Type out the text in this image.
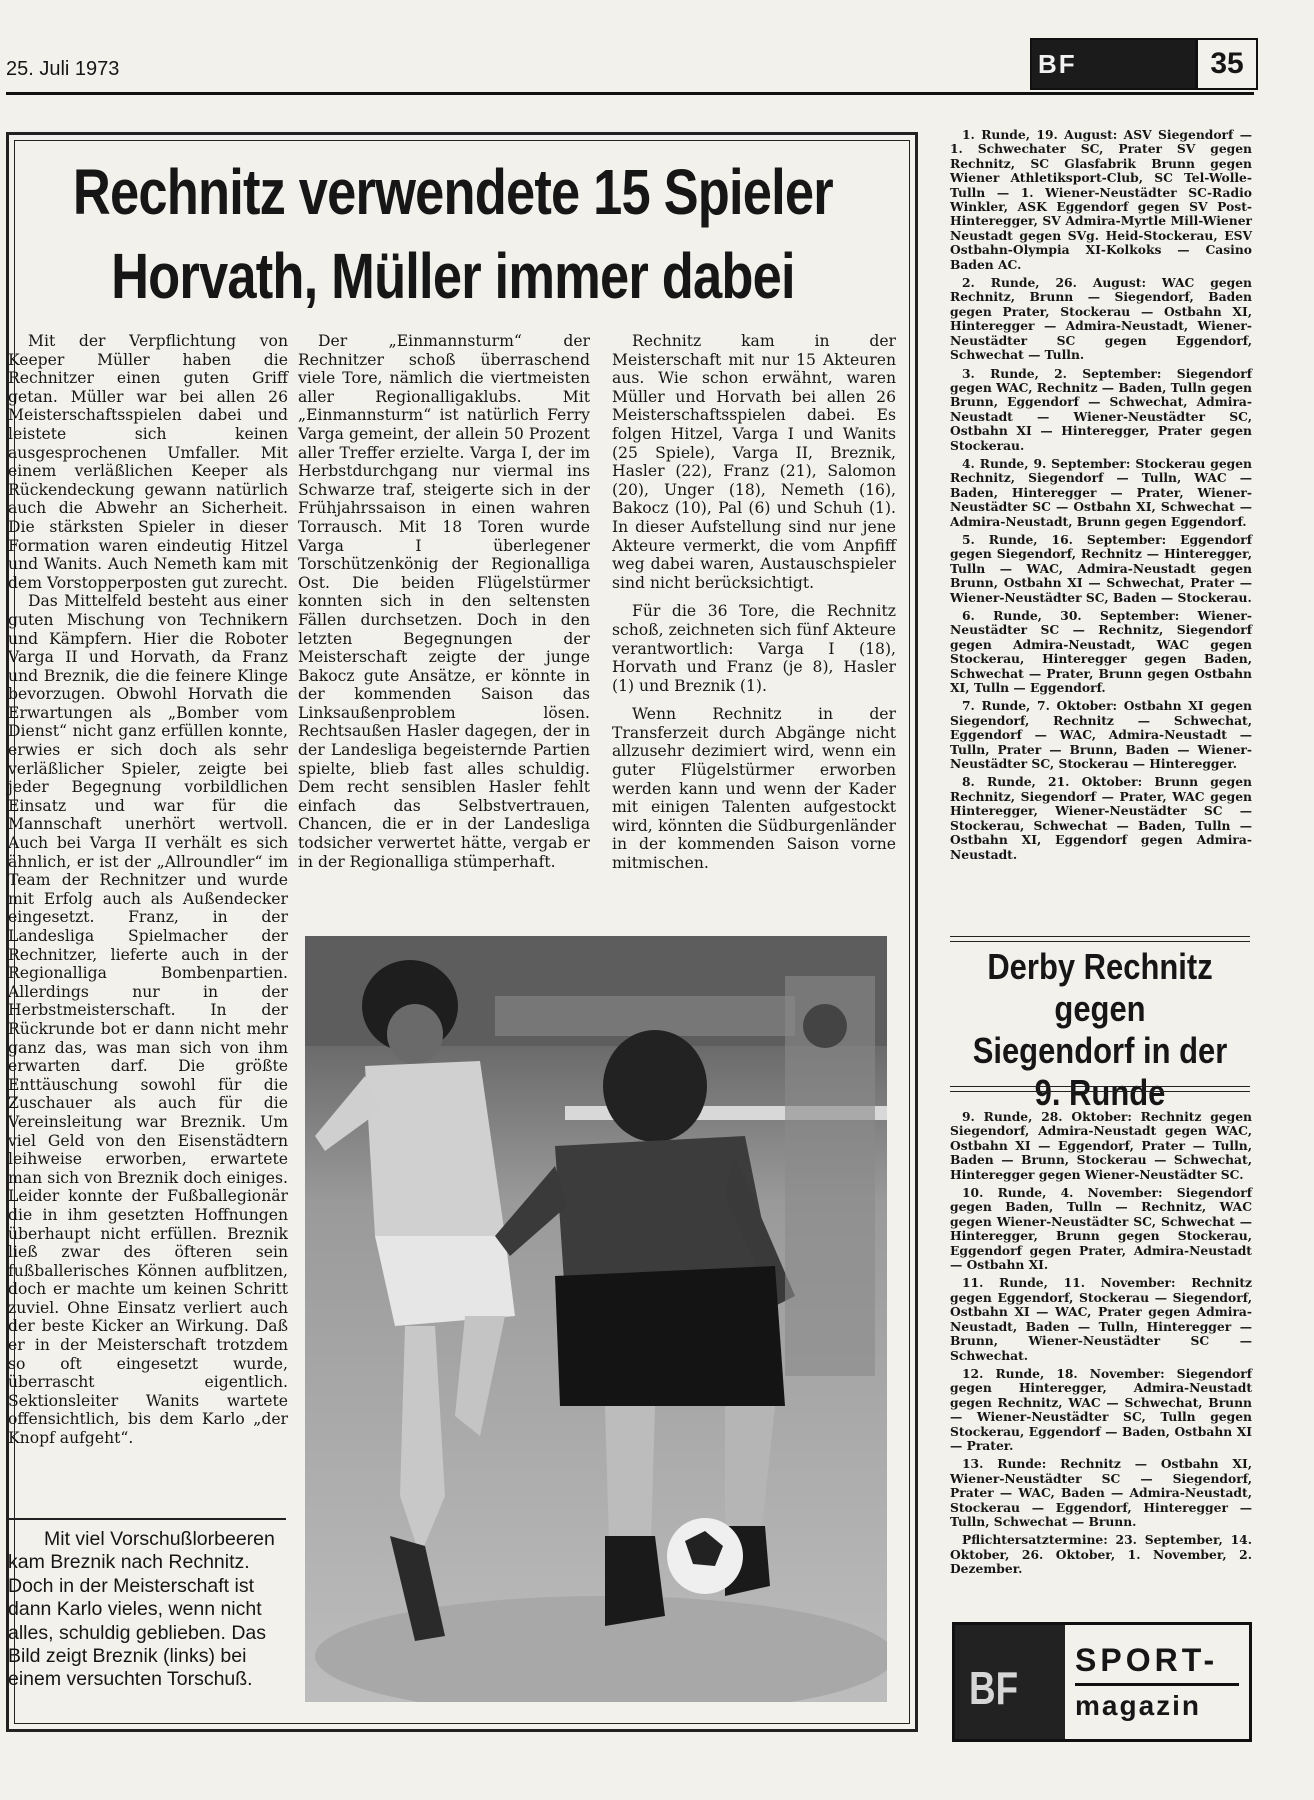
25. Juli 1973	BF	35
Rechnitz verwendete 15 Spieler
Horvath, Müller immer dabei

Mit der Verpflichtung von Keeper Müller haben die Rechnitzer einen guten Griff getan. Müller war bei allen 26 Meisterschaftsspielen dabei und leistete sich keinen ausgesprochenen Umfaller. Mit einem verläßlichen Keeper als Rückendeckung gewann natürlich auch die Abwehr an Sicherheit. Die stärksten Spieler in dieser Formation waren eindeutig Hitzel und Wanits. Auch Nemeth kam mit dem Vorstopperposten gut zurecht.

Das Mittelfeld besteht aus einer guten Mischung von Technikern und Kämpfern. Hier die Roboter Varga II und Horvath, da Franz und Breznik, die die feinere Klinge bevorzugen. Obwohl Horvath die Erwartungen als „Bomber vom Dienst“ nicht ganz erfüllen konnte, erwies er sich doch als sehr verläßlicher Spieler, zeigte bei jeder Begegnung vorbildlichen Einsatz und war für die Mannschaft unerhört wertvoll. Auch bei Varga II verhält es sich ähnlich, er ist der „Allroundler“ im Team der Rechnitzer und wurde mit Erfolg auch als Außendecker eingesetzt. Franz, in der Landesliga Spielmacher der Rechnitzer, lieferte auch in der Regionalliga Bombenpartien. Allerdings nur in der Herbstmeisterschaft. In der Rückrunde bot er dann nicht mehr ganz das, was man sich von ihm erwarten darf. Die größte Enttäuschung sowohl für die Zuschauer als auch für die Vereinsleitung war Breznik. Um viel Geld von den Eisenstädtern leihweise erworben, erwartete man sich von Breznik doch einiges. Leider konnte der Fußballegionär die in ihm gesetzten Hoffnungen überhaupt nicht erfüllen. Breznik ließ zwar des öfteren sein fußballerisches Können aufblitzen, doch er machte um keinen Schritt zuviel. Ohne Einsatz verliert auch der beste Kicker an Wirkung. Daß er in der Meisterschaft trotzdem so oft eingesetzt wurde, überrascht eigentlich. Sektionsleiter Wanits wartete offensichtlich, bis dem Karlo „der Knopf aufgeht“.

Der „Einmannsturm“ der Rechnitzer schoß überraschend viele Tore, nämlich die viertmeisten aller Regionalligaklubs. Mit „Einmannsturm“ ist natürlich Ferry Varga gemeint, der allein 50 Prozent aller Treffer erzielte. Varga I, der im Herbstdurchgang nur viermal ins Schwarze traf, steigerte sich in der Frühjahrssaison in einen wahren Torrausch. Mit 18 Toren wurde Varga I überlegener Torschützenkönig der Regionalliga Ost. Die beiden Flügelstürmer konnten sich in den seltensten Fällen durchsetzen. Doch in den letzten Begegnungen der Meisterschaft zeigte der junge Bakocz gute Ansätze, er könnte in der kommenden Saison das Linksaußenproblem lösen. Rechtsaußen Hasler dagegen, der in der Landesliga begeisternde Partien spielte, blieb fast alles schuldig. Dem recht sensiblen Hasler fehlt einfach das Selbstvertrauen, Chancen, die er in der Landesliga todsicher verwertet hätte, vergab er in der Regionalliga stümperhaft.

Rechnitz kam in der Meisterschaft mit nur 15 Akteuren aus. Wie schon erwähnt, waren Müller und Horvath bei allen 26 Meisterschaftsspielen dabei. Es folgen Hitzel, Varga I und Wanits (25 Spiele), Varga II, Breznik, Hasler (22), Franz (21), Salomon (20), Unger (18), Nemeth (16), Bakocz (10), Pal (6) und Schuh (1). In dieser Aufstellung sind nur jene Akteure vermerkt, die vom Anpfiff weg dabei waren, Austauschspieler sind nicht berücksichtigt.

Für die 36 Tore, die Rechnitz schoß, zeichneten sich fünf Akteure verantwortlich: Varga I (18), Horvath und Franz (je 8), Hasler (1) und Breznik (1).

Wenn Rechnitz in der Transferzeit durch Abgänge nicht allzusehr dezimiert wird, wenn ein guter Flügelstürmer erworben werden kann und wenn der Kader mit einigen Talenten aufgestockt wird, könnten die Südburgenländer in der kommenden Saison vorne mitmischen.

Mit viel Vorschußlorbeeren kam Breznik nach Rechnitz. Doch in der Meisterschaft ist dann Karlo vieles, wenn nicht alles, schuldig geblieben. Das Bild zeigt Breznik (links) bei einem versuchten Torschuß.

1. Runde, 19. August: ASV Siegendorf — 1. Schwechater SC, Prater SV gegen Rechnitz, SC Glasfabrik Brunn gegen Wiener Athletiksport-Club, SC Tel-Wolle-Tulln — 1. Wiener-Neustädter SC-Radio Winkler, ASK Eggendorf gegen SV Post-Hinteregger, SV Admira-Myrtle Mill-Wiener Neustadt gegen SVg. Heid-Stockerau, ESV Ostbahn-Olympia XI-Kolkoks — Casino Baden AC.

2. Runde, 26. August: WAC gegen Rechnitz, Brunn — Siegendorf, Baden gegen Prater, Stockerau — Ostbahn XI, Hinteregger — Admira-Neustadt, Wiener-Neustädter SC gegen Eggendorf, Schwechat — Tulln.

3. Runde, 2. September: Siegendorf gegen WAC, Rechnitz — Baden, Tulln gegen Brunn, Eggendorf — Schwechat, Admira-Neustadt — Wiener-Neustädter SC, Ostbahn XI — Hinteregger, Prater gegen Stockerau.

4. Runde, 9. September: Stockerau gegen Rechnitz, Siegendorf — Tulln, WAC — Baden, Hinteregger — Prater, Wiener-Neustädter SC — Ostbahn XI, Schwechat — Admira-Neustadt, Brunn gegen Eggendorf.

5. Runde, 16. September: Eggendorf gegen Siegendorf, Rechnitz — Hinteregger, Tulln — WAC, Admira-Neustadt gegen Brunn, Ostbahn XI — Schwechat, Prater — Wiener-Neustädter SC, Baden — Stockerau.

6. Runde, 30. September: Wiener-Neustädter SC — Rechnitz, Siegendorf gegen Admira-Neustadt, WAC gegen Stockerau, Hinteregger gegen Baden, Schwechat — Prater, Brunn gegen Ostbahn XI, Tulln — Eggendorf.

7. Runde, 7. Oktober: Ostbahn XI gegen Siegendorf, Rechnitz — Schwechat, Eggendorf — WAC, Admira-Neustadt — Tulln, Prater — Brunn, Baden — Wiener-Neustädter SC, Stockerau — Hinteregger.

8. Runde, 21. Oktober: Brunn gegen Rechnitz, Siegendorf — Prater, WAC gegen Hinteregger, Wiener-Neustädter SC — Stockerau, Schwechat — Baden, Tulln — Ostbahn XI, Eggendorf gegen Admira-Neustadt.

Derby Rechnitz gegen Siegendorf in der 9. Runde

9. Runde, 28. Oktober: Rechnitz gegen Siegendorf, Admira-Neustadt gegen WAC, Ostbahn XI — Eggendorf, Prater — Tulln, Baden — Brunn, Stockerau — Schwechat, Hinteregger gegen Wiener-Neustädter SC.

10. Runde, 4. November: Siegendorf gegen Baden, Tulln — Rechnitz, WAC gegen Wiener-Neustädter SC, Schwechat — Hinteregger, Brunn gegen Stockerau, Eggendorf gegen Prater, Admira-Neustadt — Ostbahn XI.

11. Runde, 11. November: Rechnitz gegen Eggendorf, Stockerau — Siegendorf, Ostbahn XI — WAC, Prater gegen Admira-Neustadt, Baden — Tulln, Hinteregger — Brunn, Wiener-Neustädter SC — Schwechat.

12. Runde, 18. November: Siegendorf gegen Hinteregger, Admira-Neustadt gegen Rechnitz, WAC — Schwechat, Brunn — Wiener-Neustädter SC, Tulln gegen Stockerau, Eggendorf — Baden, Ostbahn XI — Prater.

13. Runde: Rechnitz — Ostbahn XI, Wiener-Neustädter SC — Siegendorf, Prater — WAC, Baden — Admira-Neustadt, Stockerau — Eggendorf, Hinteregger — Tulln, Schwechat — Brunn.

Pflichtersatztermine: 23. September, 14. Oktober, 26. Oktober, 1. November, 2. Dezember.

BF
SPORT-
magazin
